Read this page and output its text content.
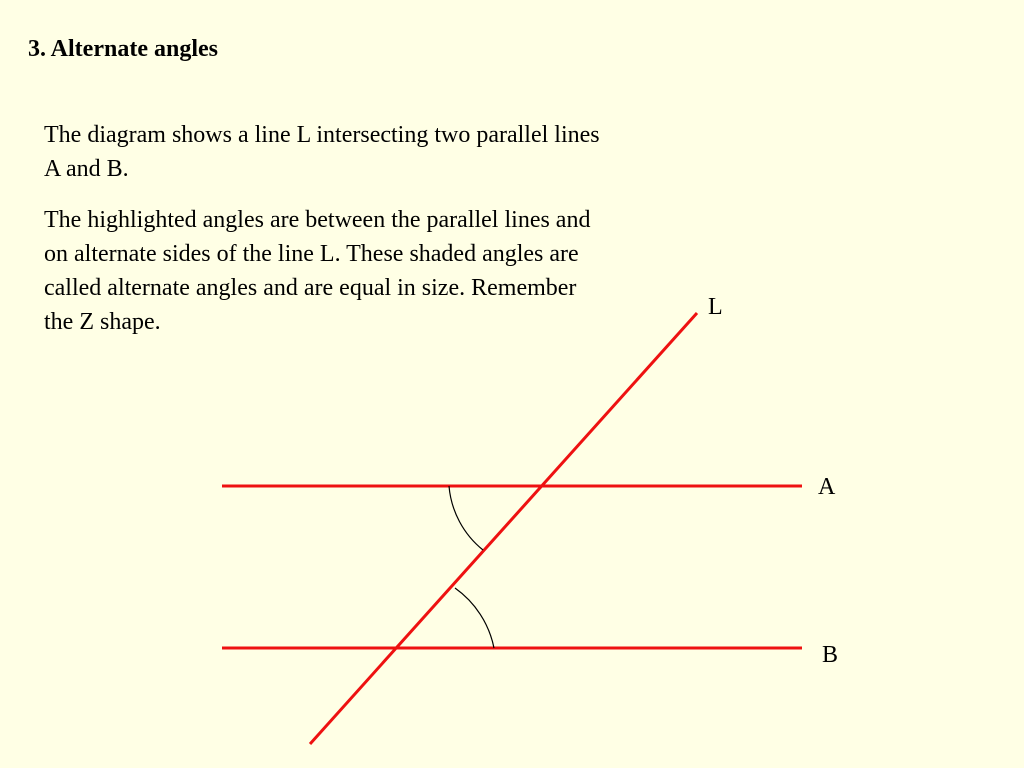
3. Alternate angles
The diagram shows a line L intersecting two parallel lines A and B.
The highlighted angles are between the parallel lines and on alternate sides of the line L. These shaded angles are called alternate angles and are equal in size. Remember the Z shape.
L
A
B
